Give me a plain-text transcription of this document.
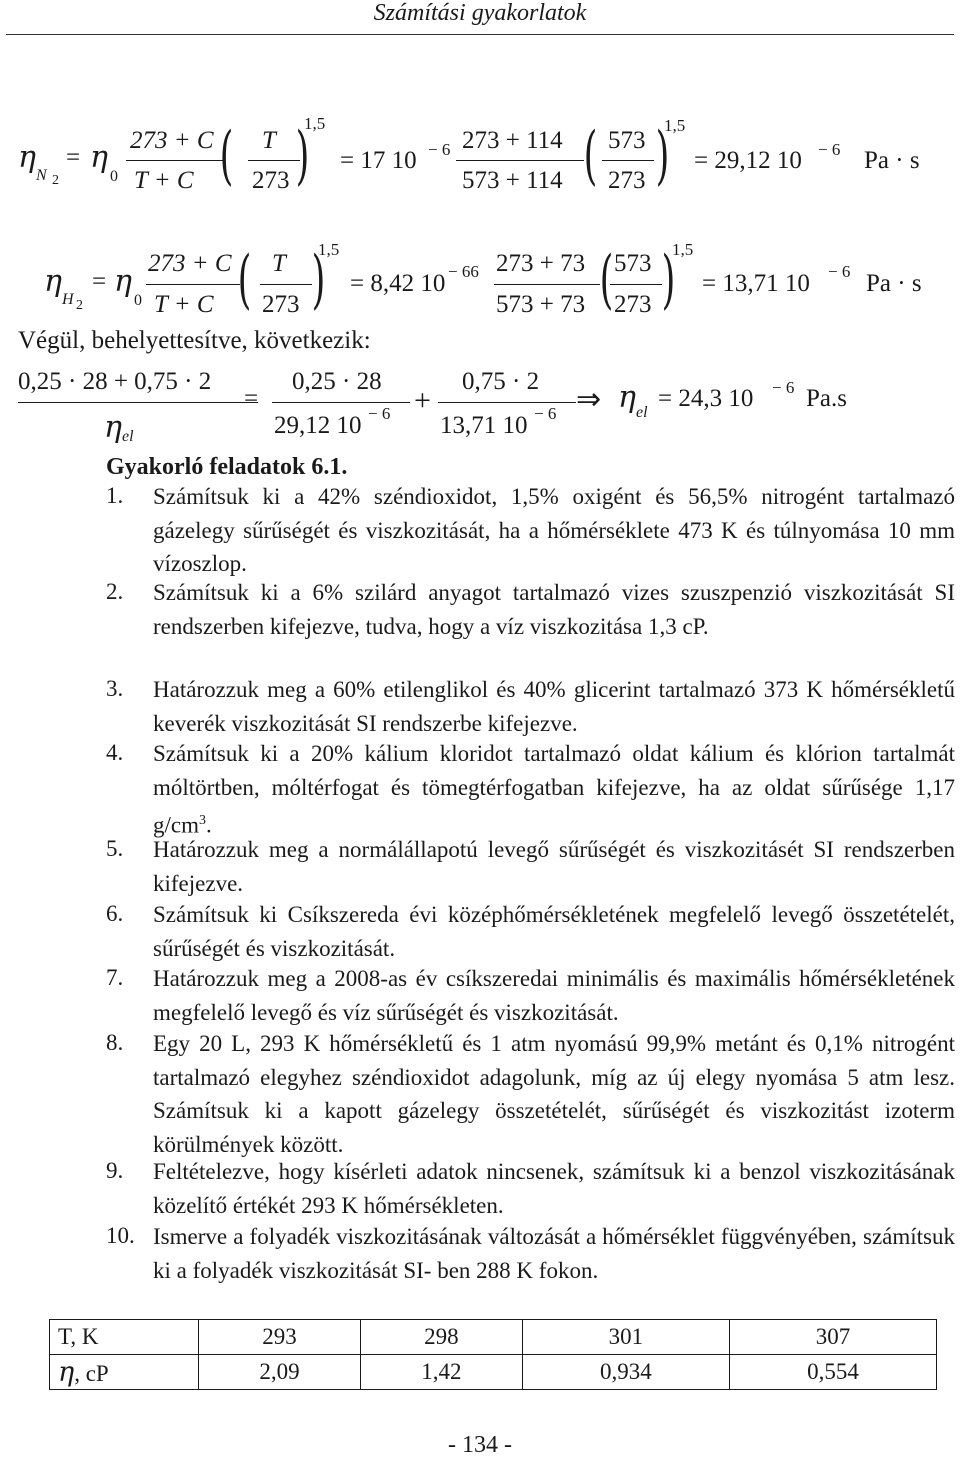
Számítási gyakorlatok
η
N 2
= η
0
273 + C
T + C ( T
273 )
1,5
= 17 10 − 6 273 + 114
573 + 114 ( 573
273 )
1,5
= 29,12 10 − 6 Pa · s
η
H 2
= η
0
273 + C
T + C ( T
273 )
1,5
= 8,42 10 − 66 273 + 73
573 + 73 ( 573
273 )
1,5
= 13,71 10 − 6 Pa · s
Végül, behelyettesítve, következik:
0,25 · 28 + 0,75 · 2
η el
=
0,25 · 28
29,12 10 − 6 +
0,75 · 2
13,71 10 − 6 ⇒ η el
= 24,3 10 − 6 Pa.s
Gyakorló feladatok 6.1.
1. Számítsuk ki a 42% széndioxidot, 1,5% oxigént és 56,5% nitrogént tartalmazó gázelegy sűrűségét és viszkozitását, ha a hőmérséklete 473 K és túlnyomása 10 mm vízoszlop.
2. Számítsuk ki a 6% szilárd anyagot tartalmazó vizes szuszpenzió viszkozitását SI rendszerben kifejezve, tudva, hogy a víz viszkozitása 1,3 cP.
3. Határozzuk meg a 60% etilenglikol és 40% glicerint tartalmazó 373 K hőmérsékletű keverék viszkozitását SI rendszerbe kifejezve.
4. Számítsuk ki a 20% kálium kloridot tartalmazó oldat kálium és klórion tartalmát móltörtben, móltérfogat és tömegtérfogatban kifejezve, ha az oldat sűrűsége 1,17 $g/cm^3$.
5. Határozzuk meg a normálállapotú levegő sűrűségét és viszkozitásét SI rendszerben kifejezve.
6. Számítsuk ki Csíkszereda évi középhőmérsékletének megfelelő levegő összetételét, sűrűségét és viszkozitását.
7. Határozzuk meg a 2008-as év csíkszeredai minimális és maximális hőmérsékletének megfelelő levegő és víz sűrűségét és viszkozitását.
8. Egy 20 L, 293 K hőmérsékletű és 1 atm nyomású 99,9% metánt és 0,1% nitrogént tartalmazó elegyhez széndioxidot adagolunk, míg az új elegy nyomása 5 atm lesz. Számítsuk ki a kapott gázelegy összetételét, sűrűségét és viszkozitást izoterm körülmények között.
9. Feltételezve, hogy kísérleti adatok nincsenek, számítsuk ki a benzol viszkozitásának közelítő értékét 293 K hőmérsékleten.
10. Ismerve a folyadék viszkozitásának változását a hőmérséklet függvényében, számítsuk ki a folyadék viszkozitását SI- ben 288 K fokon.
T, K	293	298	301	307
η, cP	2,09	1,42	0,934	0,554
- 134 -
